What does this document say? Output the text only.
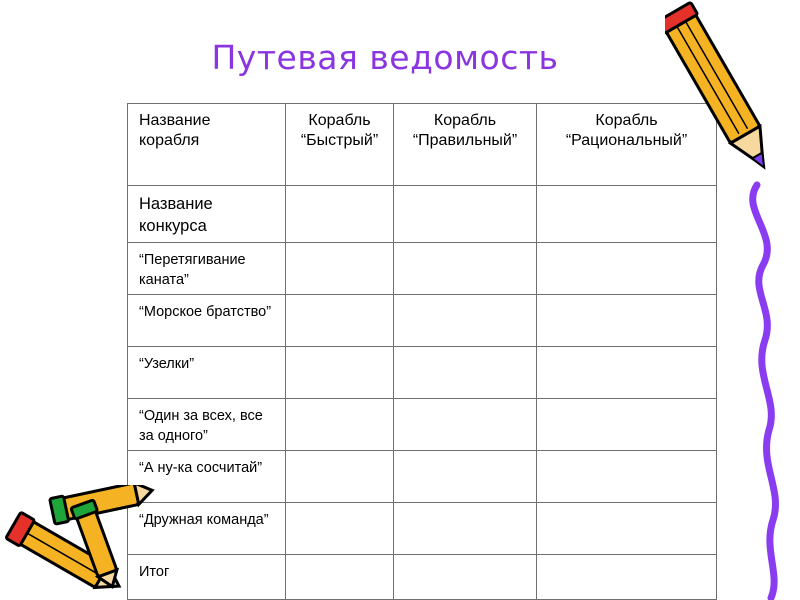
Путевая ведомость
Название корабля	Корабль “Быстрый”	Корабль “Правильный”	Корабль “Рациональный”
Название конкурса			
“Перетягивание каната”			
“Морское братство”			
“Узелки”			
“Один за всех, все за одного”			
“А ну-ка сосчитай”			
“Дружная команда”			
Итог			
